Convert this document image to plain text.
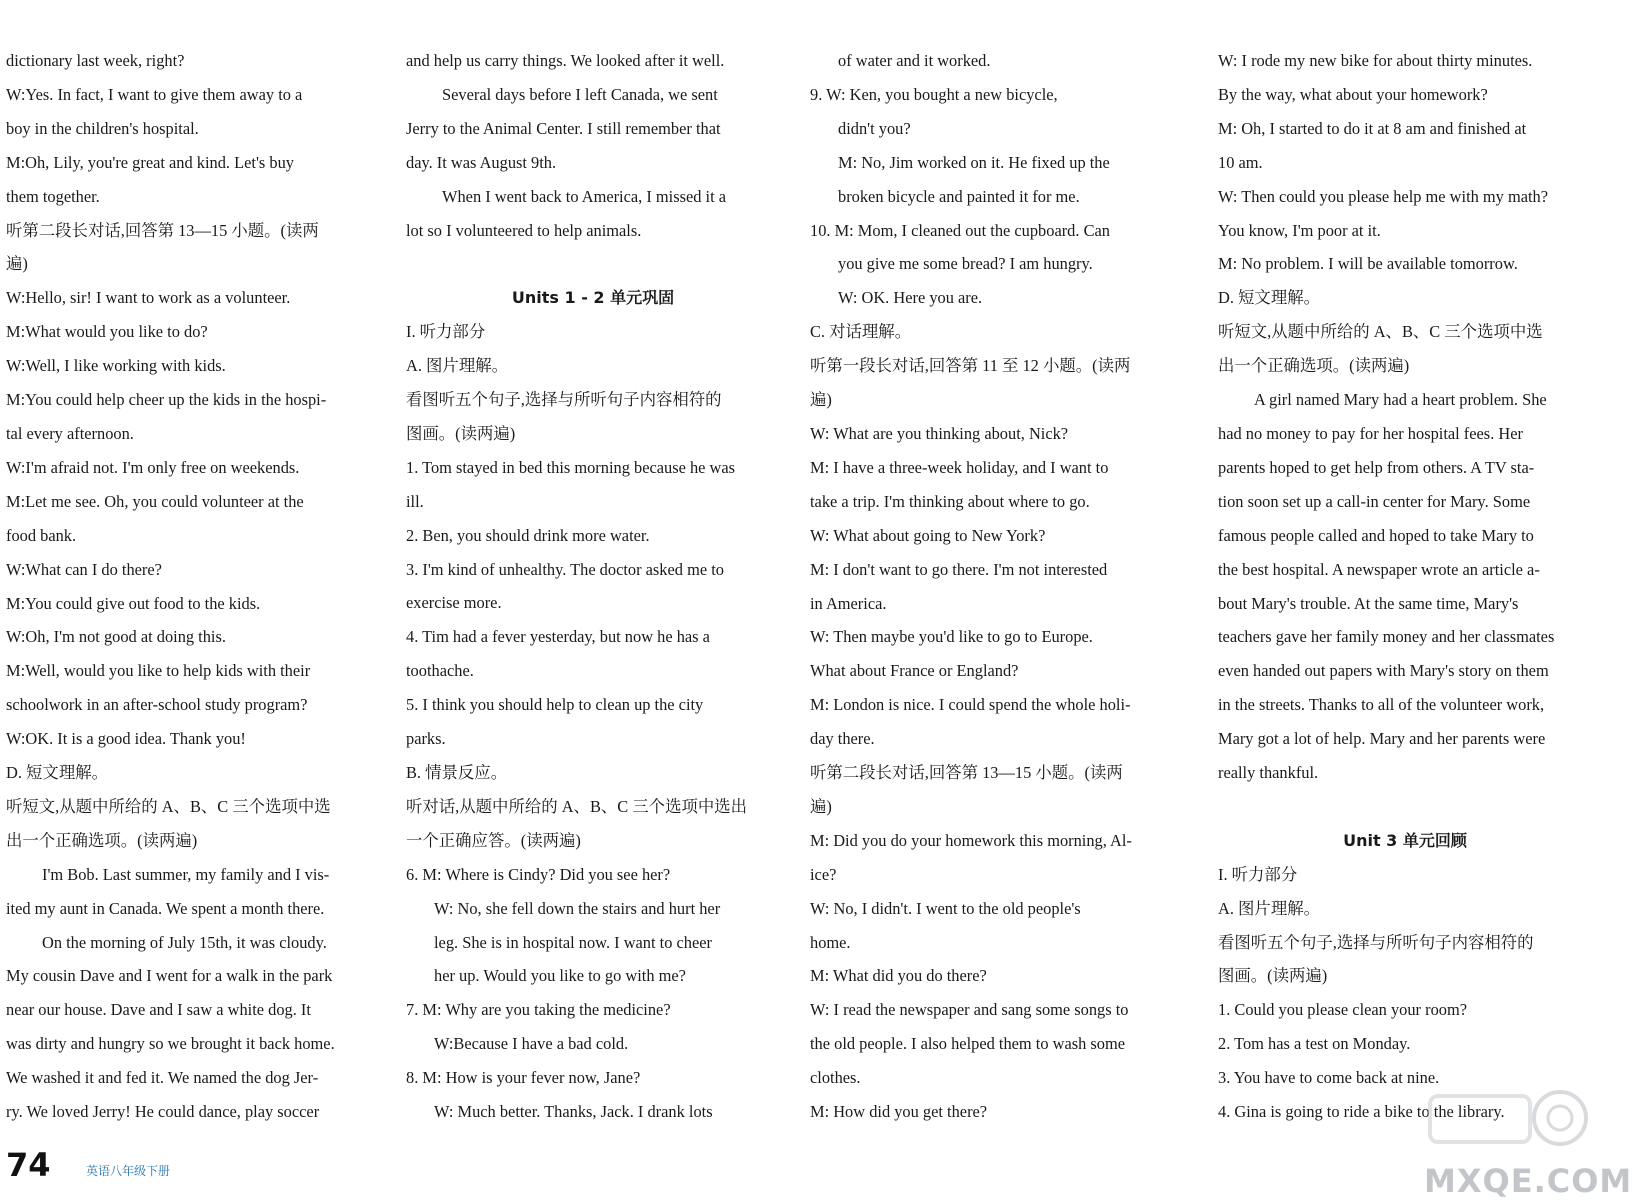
dictionary last week, right?
W:Yes. In fact, I want to give them away to a
boy in the children's hospital.
M:Oh, Lily, you're great and kind. Let's buy
them together.
听第二段长对话,回答第 13—15 小题。(读两
遍)
W:Hello, sir! I want to work as a volunteer.
M:What would you like to do?
W:Well, I like working with kids.
M:You could help cheer up the kids in the hospi-
tal every afternoon.
W:I'm afraid not. I'm only free on weekends.
M:Let me see. Oh, you could volunteer at the
food bank.
W:What can I do there?
M:You could give out food to the kids.
W:Oh, I'm not good at doing this.
M:Well, would you like to help kids with their
schoolwork in an after-school study program?
W:OK. It is a good idea. Thank you!
D. 短文理解。
听短文,从题中所给的 A、B、C 三个选项中选
出一个正确选项。(读两遍)
I'm Bob. Last summer, my family and I vis-
ited my aunt in Canada. We spent a month there.
On the morning of July 15th, it was cloudy.
My cousin Dave and I went for a walk in the park
near our house. Dave and I saw a white dog. It
was dirty and hungry so we brought it back home.
We washed it and fed it. We named the dog Jer-
ry. We loved Jerry! He could dance, play soccer
and help us carry things. We looked after it well.
Several days before I left Canada, we sent
Jerry to the Animal Center. I still remember that
day. It was August 9th.
When I went back to America, I missed it a
lot so I volunteered to help animals.
Units 1 - 2 单元巩固
I. 听力部分
A. 图片理解。
看图听五个句子,选择与所听句子内容相符的
图画。(读两遍)
1. Tom stayed in bed this morning because he was
ill.
2. Ben, you should drink more water.
3. I'm kind of unhealthy. The doctor asked me to
exercise more.
4. Tim had a fever yesterday, but now he has a
toothache.
5. I think you should help to clean up the city
parks.
B. 情景反应。
听对话,从题中所给的 A、B、C 三个选项中选出
一个正确应答。(读两遍)
6. M: Where is Cindy? Did you see her?
W: No, she fell down the stairs and hurt her
leg. She is in hospital now. I want to cheer
her up. Would you like to go with me?
7. M: Why are you taking the medicine?
W:Because I have a bad cold.
8. M: How is your fever now, Jane?
W: Much better. Thanks, Jack. I drank lots
of water and it worked.
9. W: Ken, you bought a new bicycle,
didn't you?
M: No, Jim worked on it. He fixed up the
broken bicycle and painted it for me.
10. M: Mom, I cleaned out the cupboard. Can
you give me some bread? I am hungry.
W: OK. Here you are.
C. 对话理解。
听第一段长对话,回答第 11 至 12 小题。(读两
遍)
W: What are you thinking about, Nick?
M: I have a three-week holiday, and I want to
take a trip. I'm thinking about where to go.
W: What about going to New York?
M: I don't want to go there. I'm not interested
in America.
W: Then maybe you'd like to go to Europe.
What about France or England?
M: London is nice. I could spend the whole holi-
day there.
听第二段长对话,回答第 13—15 小题。(读两
遍)
M: Did you do your homework this morning, Al-
ice?
W: No, I didn't. I went to the old people's
home.
M: What did you do there?
W: I read the newspaper and sang some songs to
the old people. I also helped them to wash some
clothes.
M: How did you get there?
W: I rode my new bike for about thirty minutes.
By the way, what about your homework?
M: Oh, I started to do it at 8 am and finished at
10 am.
W: Then could you please help me with my math?
You know, I'm poor at it.
M: No problem. I will be available tomorrow.
D. 短文理解。
听短文,从题中所给的 A、B、C 三个选项中选
出一个正确选项。(读两遍)
A girl named Mary had a heart problem. She
had no money to pay for her hospital fees. Her
parents hoped to get help from others. A TV sta-
tion soon set up a call-in center for Mary. Some
famous people called and hoped to take Mary to
the best hospital. A newspaper wrote an article a-
bout Mary's trouble. At the same time, Mary's
teachers gave her family money and her classmates
even handed out papers with Mary's story on them
in the streets. Thanks to all of the volunteer work,
Mary got a lot of help. Mary and her parents were
really thankful.
Unit 3 单元回顾
I. 听力部分
A. 图片理解。
看图听五个句子,选择与所听句子内容相符的
图画。(读两遍)
1. Could you please clean your room?
2. Tom has a test on Monday.
3. You have to come back at nine.
4. Gina is going to ride a bike to the library.
74	英语八年级下册	MXQE.COM
